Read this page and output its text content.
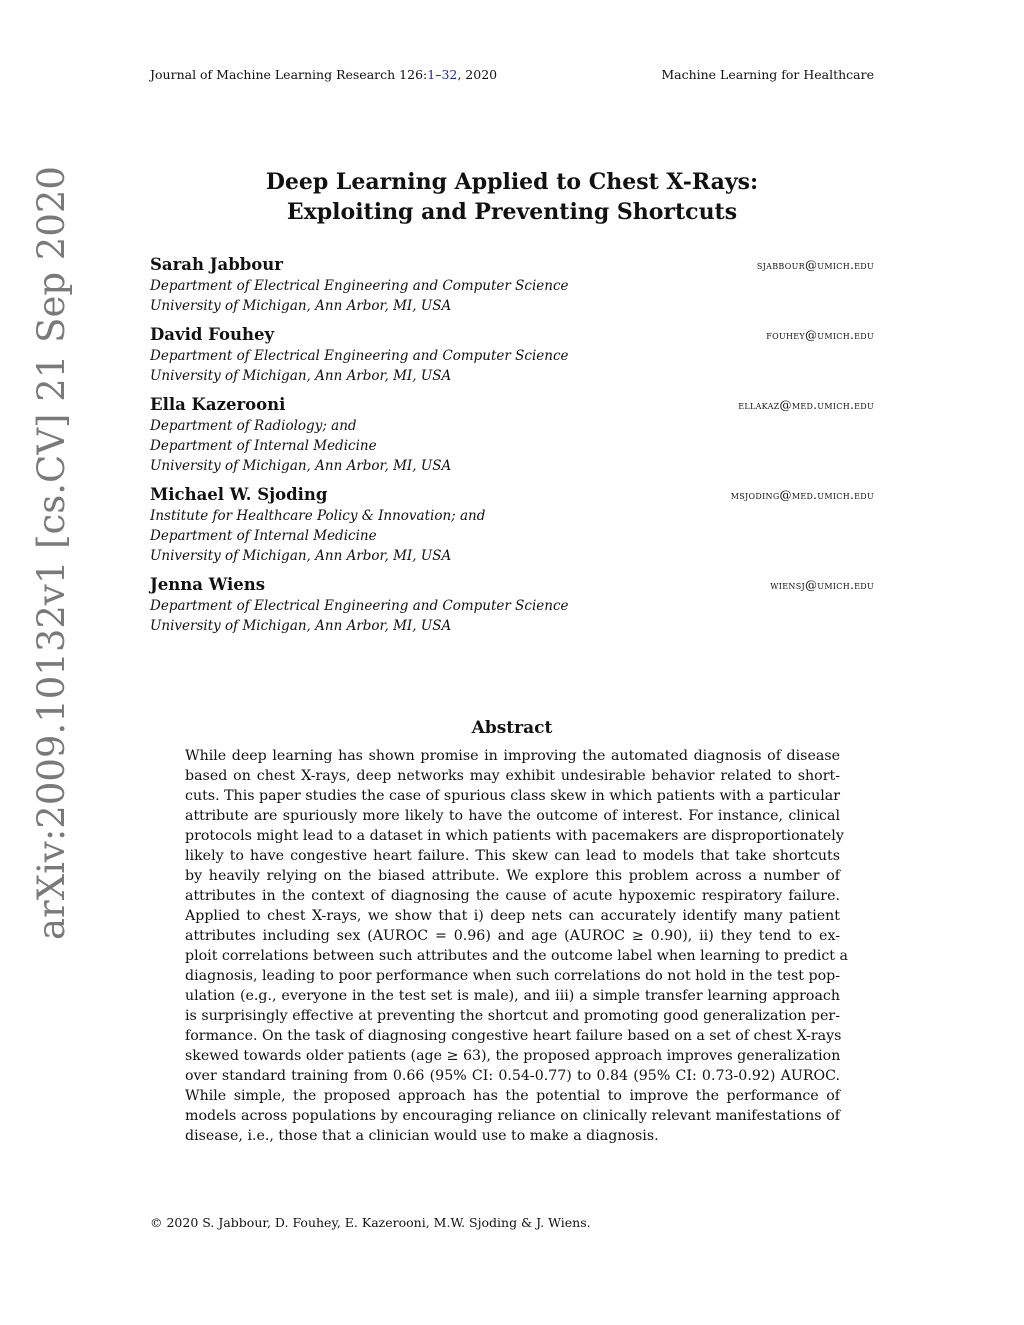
Journal of Machine Learning Research 126:1–32, 2020	Machine Learning for Healthcare
Deep Learning Applied to Chest X-Rays:
Exploiting and Preventing Shortcuts
Sarah Jabbour	sjabbour@umich.edu
Department of Electrical Engineering and Computer Science
University of Michigan, Ann Arbor, MI, USA
David Fouhey	fouhey@umich.edu
Department of Electrical Engineering and Computer Science
University of Michigan, Ann Arbor, MI, USA
Ella Kazerooni	ellakaz@med.umich.edu
Department of Radiology; and
Department of Internal Medicine
University of Michigan, Ann Arbor, MI, USA
Michael W. Sjoding	msjoding@med.umich.edu
Institute for Healthcare Policy & Innovation; and
Department of Internal Medicine
University of Michigan, Ann Arbor, MI, USA
Jenna Wiens	wiensj@umich.edu
Department of Electrical Engineering and Computer Science
University of Michigan, Ann Arbor, MI, USA
arXiv:2009.10132v1 [cs.CV] 21 Sep 2020	Abstract
While deep learning has shown promise in improving the automated diagnosis of disease
based on chest X-rays, deep networks may exhibit undesirable behavior related to short-
cuts. This paper studies the case of spurious class skew in which patients with a particular
attribute are spuriously more likely to have the outcome of interest. For instance, clinical
protocols might lead to a dataset in which patients with pacemakers are disproportionately
likely to have congestive heart failure. This skew can lead to models that take shortcuts
by heavily relying on the biased attribute. We explore this problem across a number of
attributes in the context of diagnosing the cause of acute hypoxemic respiratory failure.
Applied to chest X-rays, we show that i) deep nets can accurately identify many patient
attributes including sex (AUROC = 0.96) and age (AUROC ≥ 0.90), ii) they tend to ex-
ploit correlations between such attributes and the outcome label when learning to predict a
diagnosis, leading to poor performance when such correlations do not hold in the test pop-
ulation (e.g., everyone in the test set is male), and iii) a simple transfer learning approach
is surprisingly effective at preventing the shortcut and promoting good generalization per-
formance. On the task of diagnosing congestive heart failure based on a set of chest X-rays
skewed towards older patients (age ≥ 63), the proposed approach improves generalization
over standard training from 0.66 (95% CI: 0.54-0.77) to 0.84 (95% CI: 0.73-0.92) AUROC.
While simple, the proposed approach has the potential to improve the performance of
models across populations by encouraging reliance on clinically relevant manifestations of
disease, i.e., those that a clinician would use to make a diagnosis.
© 2020 S. Jabbour, D. Fouhey, E. Kazerooni, M.W. Sjoding & J. Wiens.
